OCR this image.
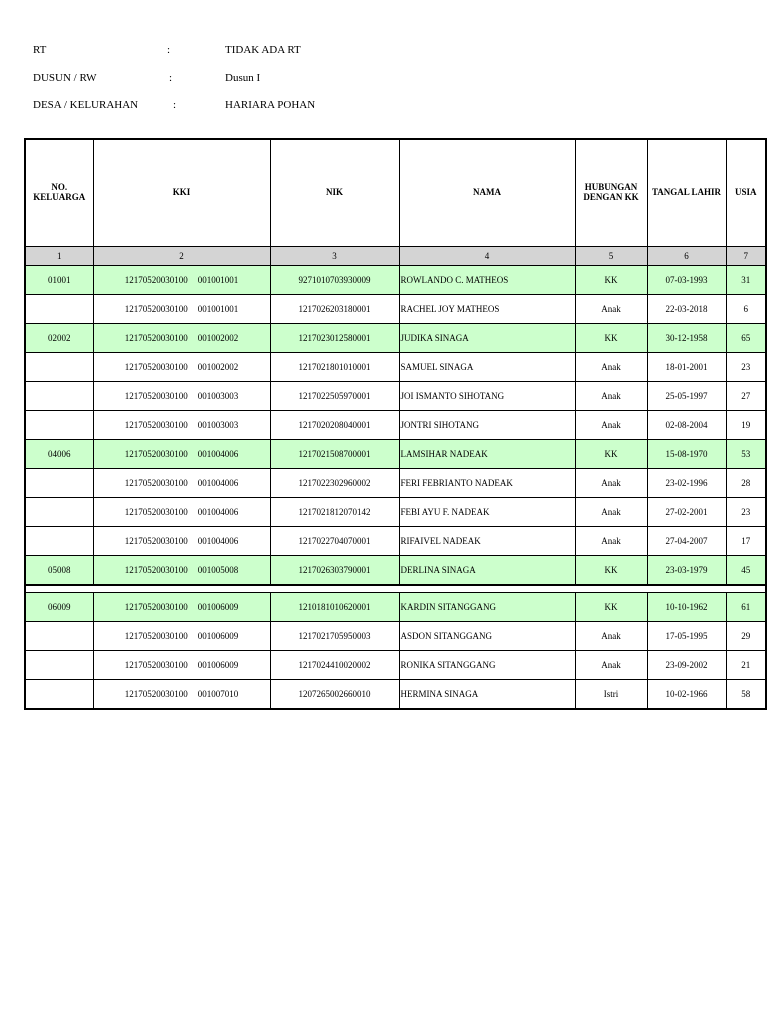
RT	:	TIDAK ADA RT
DUSUN / RW	:	Dusun I
DESA / KELURAHAN	:	HARIARA POHAN
NO. KELUARGA	KKI	NIK	NAMA	HUBUNGAN DENGAN KK	TANGAL LAHIR	USIA
1	2	3	4	5	6	7
01001	12170520030100 001001001	9271010703930009	ROWLANDO C. MATHEOS	KK	07-03-1993	31
	12170520030100 001001001	1217026203180001	RACHEL JOY MATHEOS	Anak	22-03-2018	6
02002	12170520030100 001002002	1217023012580001	JUDIKA SINAGA	KK	30-12-1958	65
	12170520030100 001002002	1217021801010001	SAMUEL SINAGA	Anak	18-01-2001	23
	12170520030100 001003003	1217022505970001	JOI ISMANTO SIHOTANG	Anak	25-05-1997	27
	12170520030100 001003003	1217020208040001	JONTRI SIHOTANG	Anak	02-08-2004	19
04006	12170520030100 001004006	1217021508700001	LAMSIHAR NADEAK	KK	15-08-1970	53
	12170520030100 001004006	1217022302960002	FERI FEBRIANTO NADEAK	Anak	23-02-1996	28
	12170520030100 001004006	1217021812070142	FEBI AYU F. NADEAK	Anak	27-02-2001	23
	12170520030100 001004006	1217022704070001	RIFAIVEL NADEAK	Anak	27-04-2007	17
05008	12170520030100 001005008	1217026303790001	DERLINA SINAGA	KK	23-03-1979	45

06009	12170520030100 001006009	1210181010620001	KARDIN SITANGGANG	KK	10-10-1962	61
	12170520030100 001006009	1217021705950003	ASDON SITANGGANG	Anak	17-05-1995	29
	12170520030100 001006009	1217024410020002	RONIKA SITANGGANG	Anak	23-09-2002	21
	12170520030100 001007010	1207265002660010	HERMINA SINAGA	Istri	10-02-1966	58
